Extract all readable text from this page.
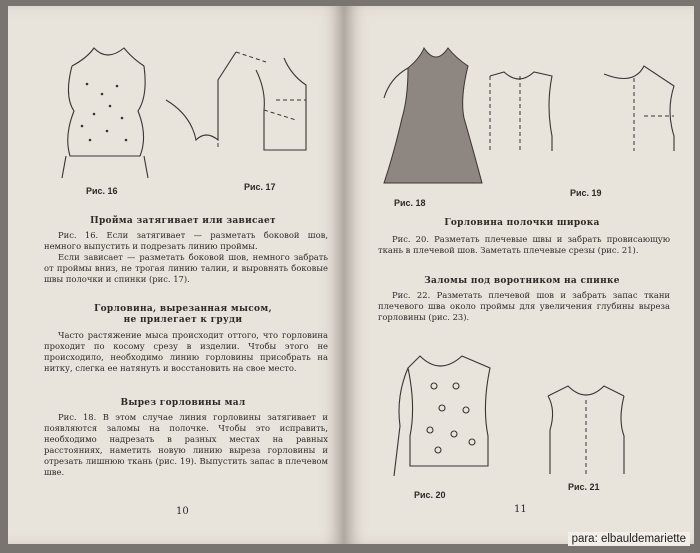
Рис. 16	Рис. 17
Пройма затягивает или зависает

Рис. 16. Если затягивает — разметать боковой шов, немного выпустить и подрезать линию проймы.

Если зависает — разметать боковой шов, немного забрать от проймы вниз, не трогая линию талии, и выровнять боковые швы полочки и спинки (рис. 17).

Горловина, вырезанная мысом,
не прилегает к груди

Часто растяжение мыса происходит оттого, что горловина проходит по косому срезу в изделии. Чтобы этого не происходило, необходимо линию горловины присобрать на нитку, слегка ее натянуть и восстановить на свое место.

Вырез горловины мал

Рис. 18. В этом случае линия горловины затягивает и появляются заломы на полочке. Чтобы это исправить, необходимо надрезать в разных местах на равных расстояниях, наметить новую линию выреза горловины и отрезать лишнюю ткань (рис. 19). Выпустить запас в плечевом шве.

10
Рис. 18
Рис. 19
Горловина полочки широка

Рис. 20. Разметать плечевые швы и забрать провисающую ткань в плечевой шов. Заметать плечевые срезы (рис. 21).

Заломы под воротником на спинке

Рис. 22. Разметать плечевой шов и забрать запас ткани плечевого шва около проймы для увеличения глубины выреза горловины (рис. 23).

Рис. 20
Рис. 21
11
para: elbauldemariette
